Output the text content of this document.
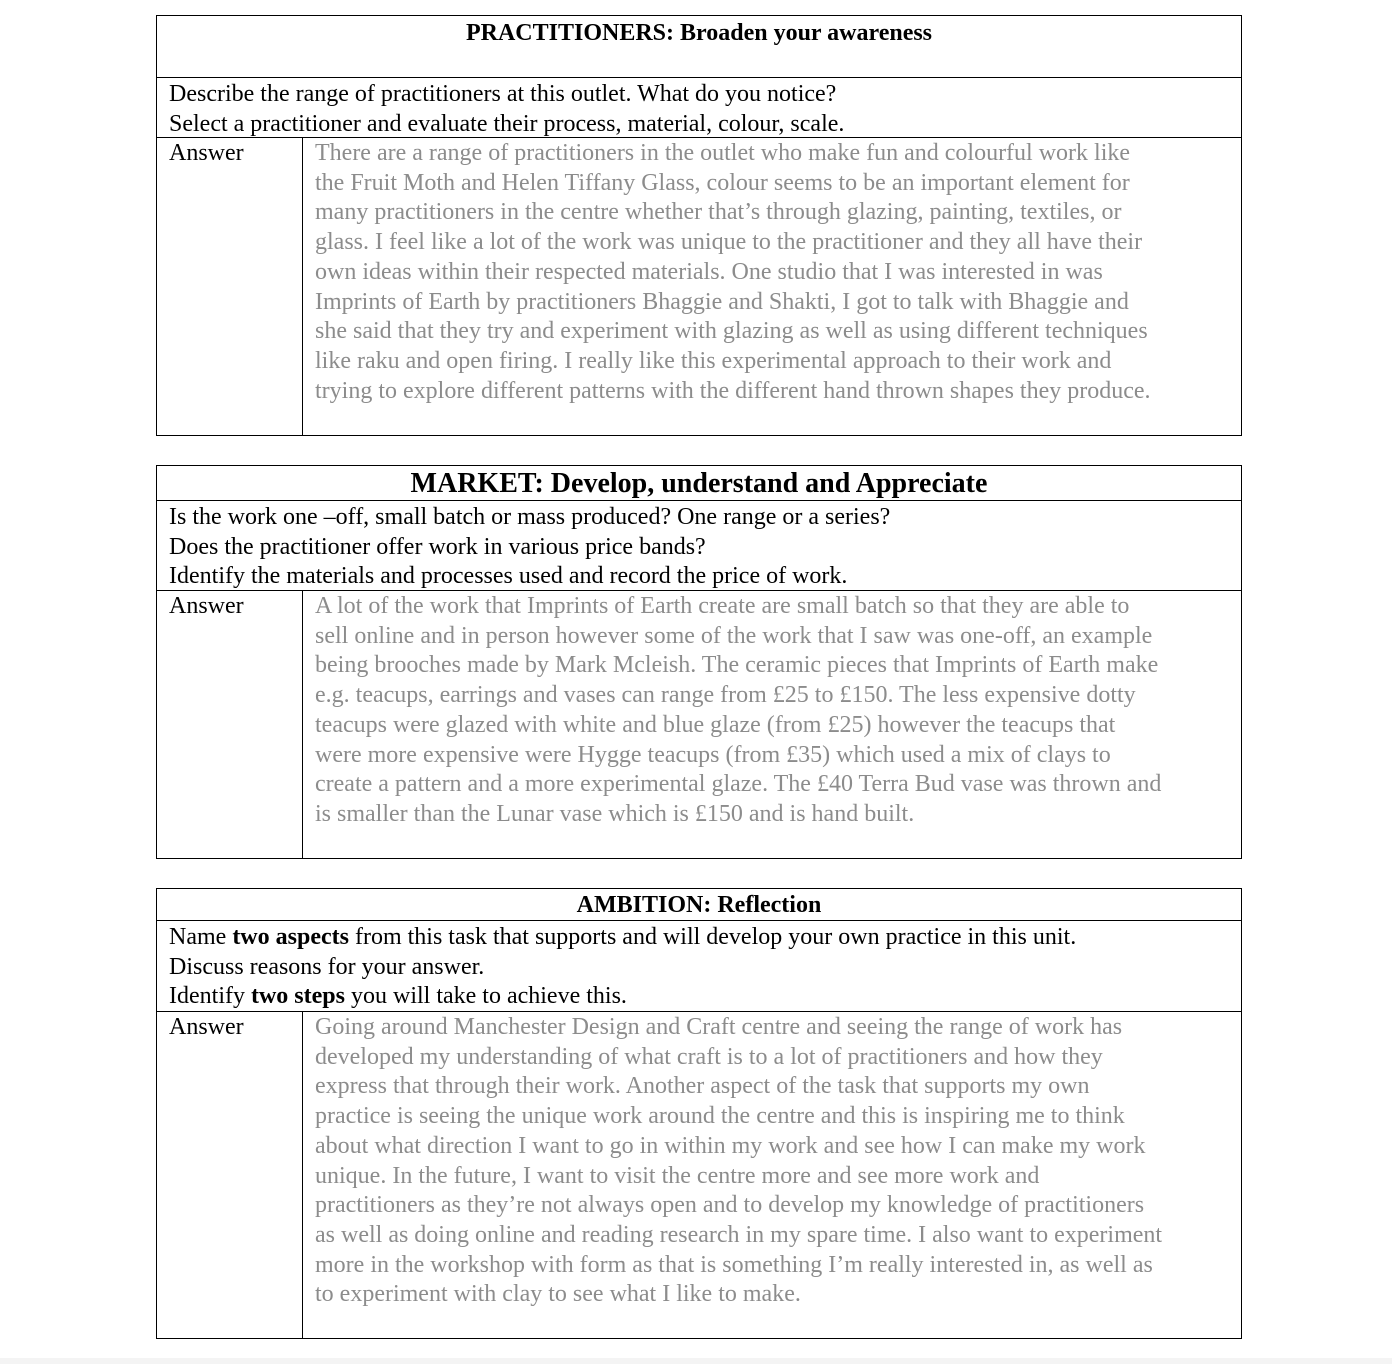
PRACTITIONERS: Broaden your awareness
Describe the range of practitioners at this outlet. What do you notice?
Select a practitioner and evaluate their process, material, colour, scale.
Answer	There are a range of practitioners in the outlet who make fun and colourful work like
the Fruit Moth and Helen Tiffany Glass, colour seems to be an important element for
many practitioners in the centre whether that’s through glazing, painting, textiles, or
glass. I feel like a lot of the work was unique to the practitioner and they all have their
own ideas within their respected materials. One studio that I was interested in was
Imprints of Earth by practitioners Bhaggie and Shakti, I got to talk with Bhaggie and
she said that they try and experiment with glazing as well as using different techniques
like raku and open firing. I really like this experimental approach to their work and
trying to explore different patterns with the different hand thrown shapes they produce.
MARKET: Develop, understand and Appreciate
Is the work one –off, small batch or mass produced? One range or a series?
Does the practitioner offer work in various price bands?
Identify the materials and processes used and record the price of work.
Answer	A lot of the work that Imprints of Earth create are small batch so that they are able to
sell online and in person however some of the work that I saw was one-off, an example
being brooches made by Mark Mcleish. The ceramic pieces that Imprints of Earth make
e.g. teacups, earrings and vases can range from £25 to £150. The less expensive dotty
teacups were glazed with white and blue glaze (from £25) however the teacups that
were more expensive were Hygge teacups (from £35) which used a mix of clays to
create a pattern and a more experimental glaze. The £40 Terra Bud vase was thrown and
is smaller than the Lunar vase which is £150 and is hand built.
AMBITION: Reflection
Name two aspects from this task that supports and will develop your own practice in this unit.
Discuss reasons for your answer.
Identify two steps you will take to achieve this.
Answer	Going around Manchester Design and Craft centre and seeing the range of work has
developed my understanding of what craft is to a lot of practitioners and how they
express that through their work. Another aspect of the task that supports my own
practice is seeing the unique work around the centre and this is inspiring me to think
about what direction I want to go in within my work and see how I can make my work
unique. In the future, I want to visit the centre more and see more work and
practitioners as they’re not always open and to develop my knowledge of practitioners
as well as doing online and reading research in my spare time. I also want to experiment
more in the workshop with form as that is something I’m really interested in, as well as
to experiment with clay to see what I like to make.
